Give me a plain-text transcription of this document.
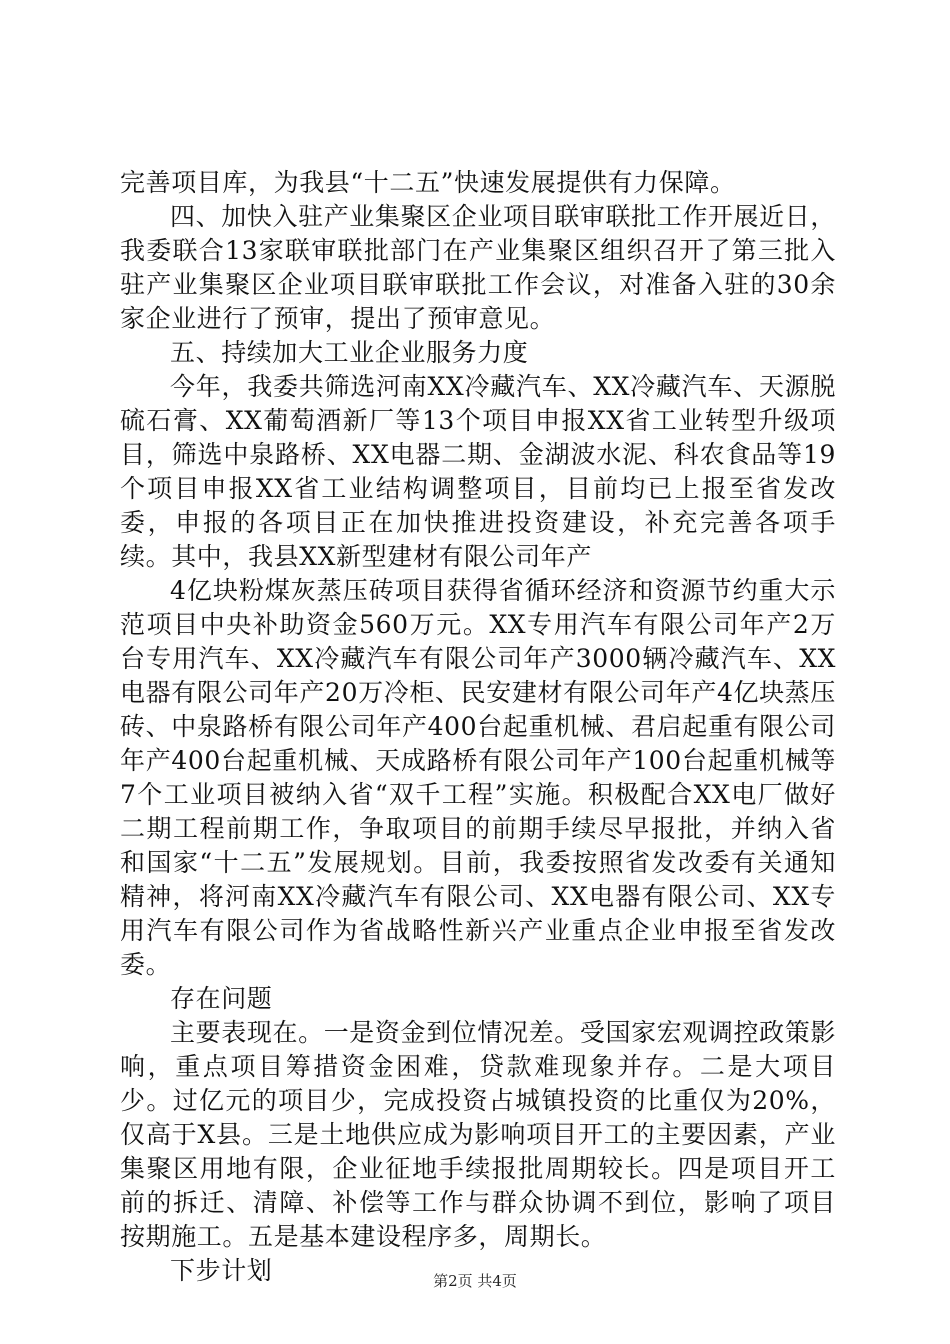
完善项目库，为我县“十二五”快速发展提供有力保障。

四、加快入驻产业集聚区企业项目联审联批工作开展近日，我委联合13家联审联批部门在产业集聚区组织召开了第三批入驻产业集聚区企业项目联审联批工作会议，对准备入驻的30余家企业进行了预审，提出了预审意见。

五、持续加大工业企业服务力度

今年，我委共筛选河南XX冷藏汽车、XX冷藏汽车、天源脱硫石膏、XX葡萄酒新厂等13个项目申报XX省工业转型升级项目，筛选中泉路桥、XX电器二期、金湖波水泥、科农食品等19个项目申报XX省工业结构调整项目，目前均已上报至省发改委，申报的各项目正在加快推进投资建设，补充完善各项手续。其中，我县XX新型建材有限公司年产

4亿块粉煤灰蒸压砖项目获得省循环经济和资源节约重大示范项目中央补助资金560万元。XX专用汽车有限公司年产2万台专用汽车、XX冷藏汽车有限公司年产3000辆冷藏汽车、XX电器有限公司年产20万冷柜、民安建材有限公司年产4亿块蒸压砖、中泉路桥有限公司年产400台起重机械、君启起重有限公司年产400台起重机械、天成路桥有限公司年产100台起重机械等7个工业项目被纳入省“双千工程”实施。积极配合XX电厂做好二期工程前期工作，争取项目的前期手续尽早报批，并纳入省和国家“十二五”发展规划。目前，我委按照省发改委有关通知精神，将河南XX冷藏汽车有限公司、XX电器有限公司、XX专用汽车有限公司作为省战略性新兴产业重点企业申报至省发改委。

存在问题

主要表现在。一是资金到位情况差。受国家宏观调控政策影响，重点项目筹措资金困难，贷款难现象并存。二是大项目少。过亿元的项目少，完成投资占城镇投资的比重仅为20%，仅高于X县。三是土地供应成为影响项目开工的主要因素，产业集聚区用地有限，企业征地手续报批周期较长。四是项目开工前的拆迁、清障、补偿等工作与群众协调不到位，影响了项目按期施工。五是基本建设程序多，周期长。

下步计划	第2页 共4页
